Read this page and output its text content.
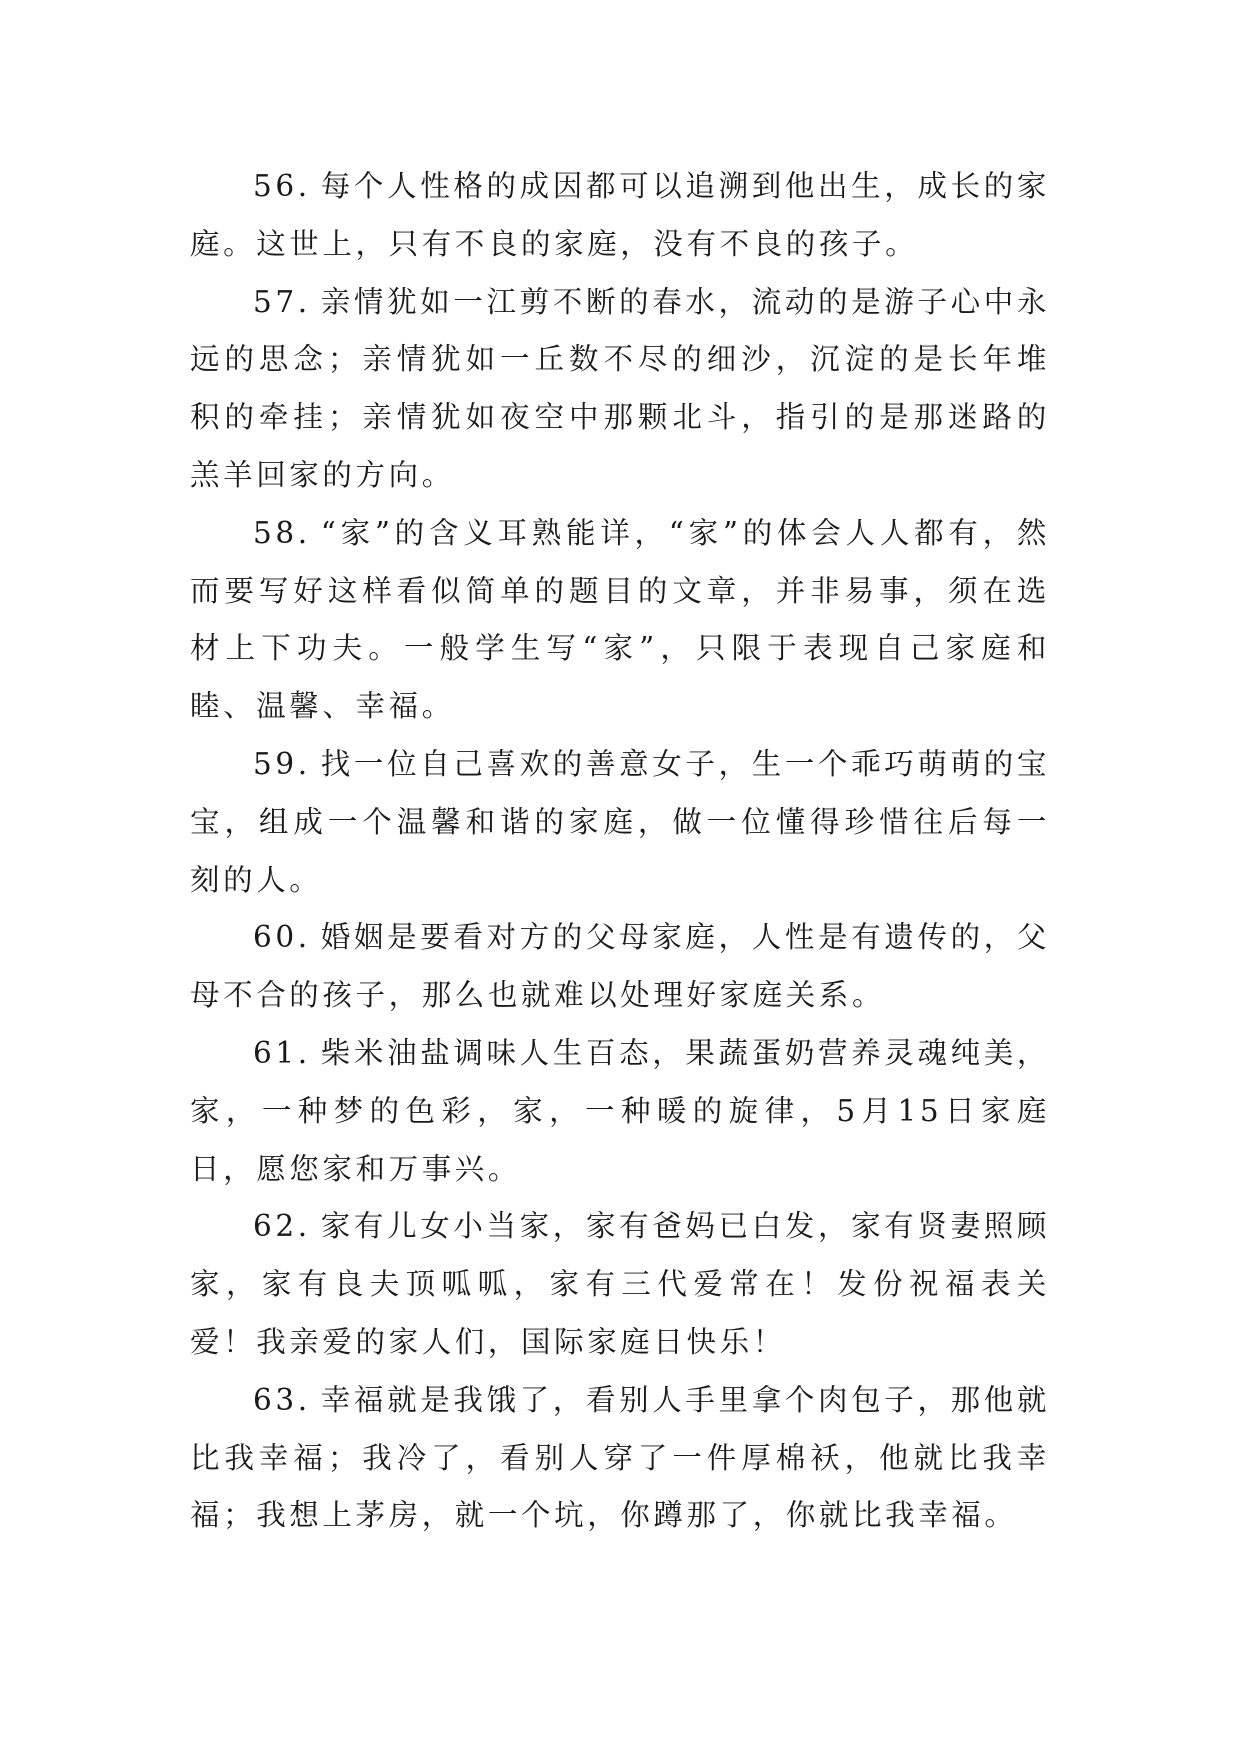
56. 每个人性格的成因都可以追溯到他出生，成长的家庭。这世上，只有不良的家庭，没有不良的孩子。

57. 亲情犹如一江剪不断的春水，流动的是游子心中永远的思念；亲情犹如一丘数不尽的细沙，沉淀的是长年堆积的牵挂；亲情犹如夜空中那颗北斗，指引的是那迷路的羔羊回家的方向。

58. “家”的含义耳熟能详，“家”的体会人人都有，然而要写好这样看似简单的题目的文章，并非易事，须在选材上下功夫。一般学生写“家”，只限于表现自己家庭和睦、温馨、幸福。

59. 找一位自己喜欢的善意女子，生一个乖巧萌萌的宝宝，组成一个温馨和谐的家庭，做一位懂得珍惜往后每一刻的人。

60. 婚姻是要看对方的父母家庭，人性是有遗传的，父母不合的孩子，那么也就难以处理好家庭关系。

61. 柴米油盐调味人生百态，果蔬蛋奶营养灵魂纯美，家，一种梦的色彩，家，一种暖的旋律，5月15日家庭日，愿您家和万事兴。

62. 家有儿女小当家，家有爸妈已白发，家有贤妻照顾家，家有良夫顶呱呱，家有三代爱常在！发份祝福表关爱！我亲爱的家人们，国际家庭日快乐！

63. 幸福就是我饿了，看别人手里拿个肉包子，那他就比我幸福；我冷了，看别人穿了一件厚棉袄，他就比我幸福；我想上茅房，就一个坑，你蹲那了，你就比我幸福。
